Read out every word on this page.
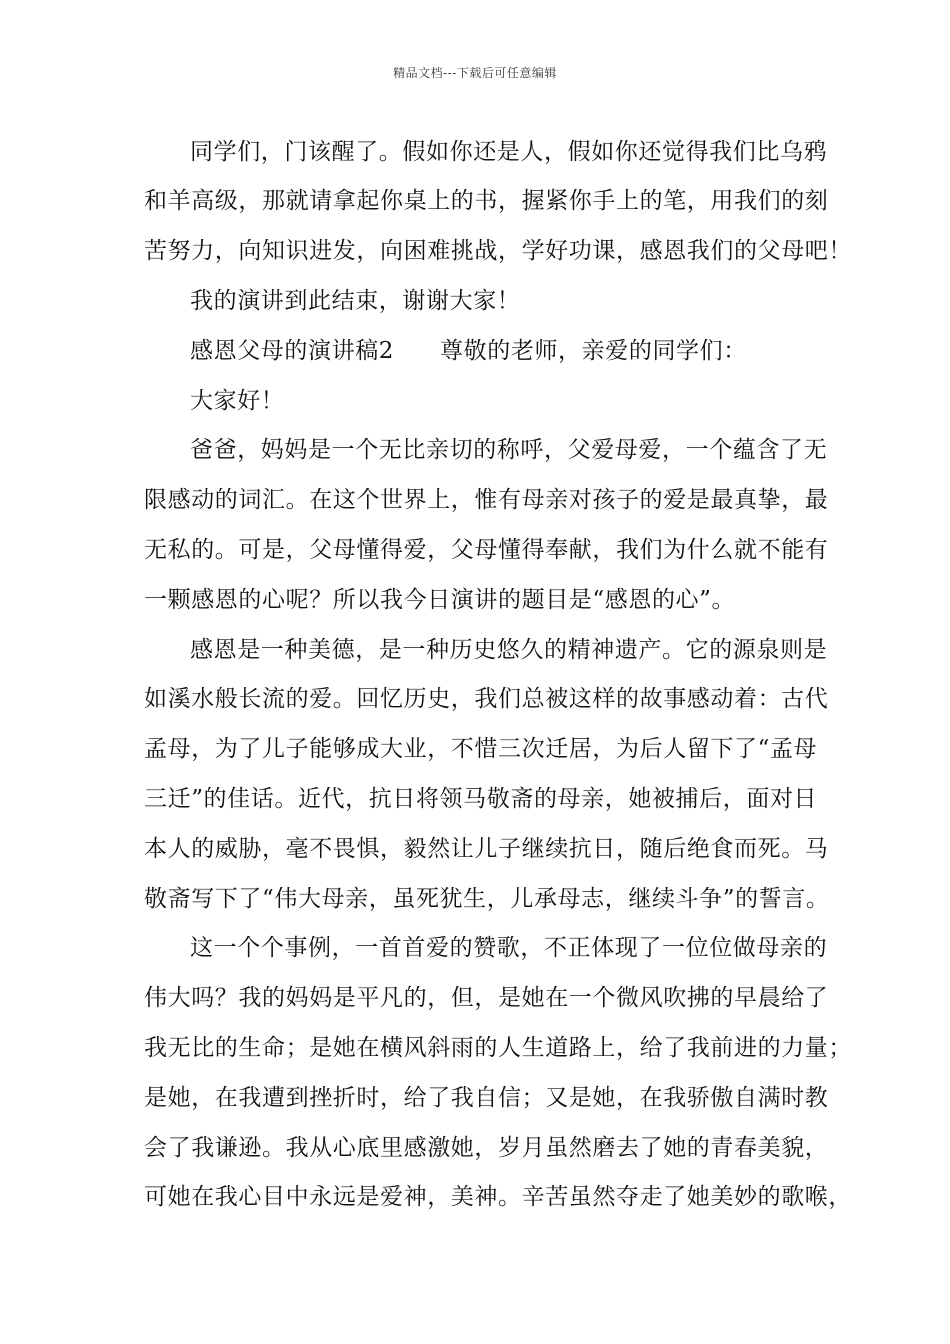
精品文档---下载后可任意编辑
同学们，门该醒了。假如你还是人，假如你还觉得我们比乌鸦
和羊高级，那就请拿起你桌上的书，握紧你手上的笔，用我们的刻
苦努力，向知识进发，向困难挑战，学好功课，感恩我们的父母吧！
我的演讲到此结束，谢谢大家！
感恩父母的演讲稿2 尊敬的老师，亲爱的同学们：
大家好！
爸爸，妈妈是一个无比亲切的称呼，父爱母爱，一个蕴含了无
限感动的词汇。在这个世界上，惟有母亲对孩子的爱是最真挚，最
无私的。可是，父母懂得爱，父母懂得奉献，我们为什么就不能有
一颗感恩的心呢？所以我今日演讲的题目是“感恩的心”。
感恩是一种美德，是一种历史悠久的精神遗产。它的源泉则是
如溪水般长流的爱。回忆历史，我们总被这样的故事感动着：古代
孟母，为了儿子能够成大业，不惜三次迁居，为后人留下了“孟母
三迁”的佳话。近代，抗日将领马敬斋的母亲，她被捕后，面对日
本人的威胁，毫不畏惧，毅然让儿子继续抗日，随后绝食而死。马
敬斋写下了“伟大母亲，虽死犹生，儿承母志，继续斗争”的誓言。
这一个个事例，一首首爱的赞歌，不正体现了一位位做母亲的
伟大吗？我的妈妈是平凡的，但，是她在一个微风吹拂的早晨给了
我无比的生命；是她在横风斜雨的人生道路上，给了我前进的力量；
是她，在我遭到挫折时，给了我自信；又是她，在我骄傲自满时教
会了我谦逊。我从心底里感激她，岁月虽然磨去了她的青春美貌，
可她在我心目中永远是爱神，美神。辛苦虽然夺走了她美妙的歌喉，
